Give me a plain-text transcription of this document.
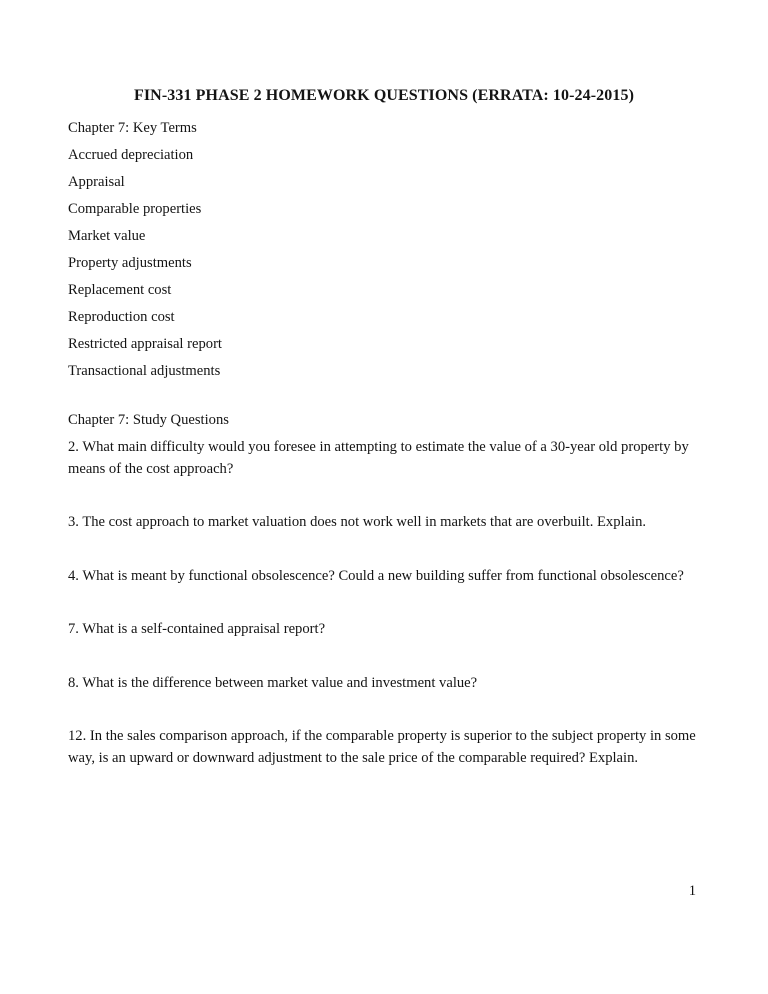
FIN-331 PHASE 2 HOMEWORK QUESTIONS (ERRATA: 10-24-2015)

Chapter 7: Key Terms

Accrued depreciation

Appraisal

Comparable properties

Market value

Property adjustments

Replacement cost

Reproduction cost

Restricted appraisal report

Transactional adjustments

Chapter 7: Study Questions

2. What main difficulty would you foresee in attempting to estimate the value of a 30-year old property by means of the cost approach?

3. The cost approach to market valuation does not work well in markets that are overbuilt. Explain.

4. What is meant by functional obsolescence? Could a new building suffer from functional obsolescence?

7. What is a self-contained appraisal report?

8. What is the difference between market value and investment value?

12. In the sales comparison approach, if the comparable property is superior to the subject property in some way, is an upward or downward adjustment to the sale price of the comparable required? Explain.

1
